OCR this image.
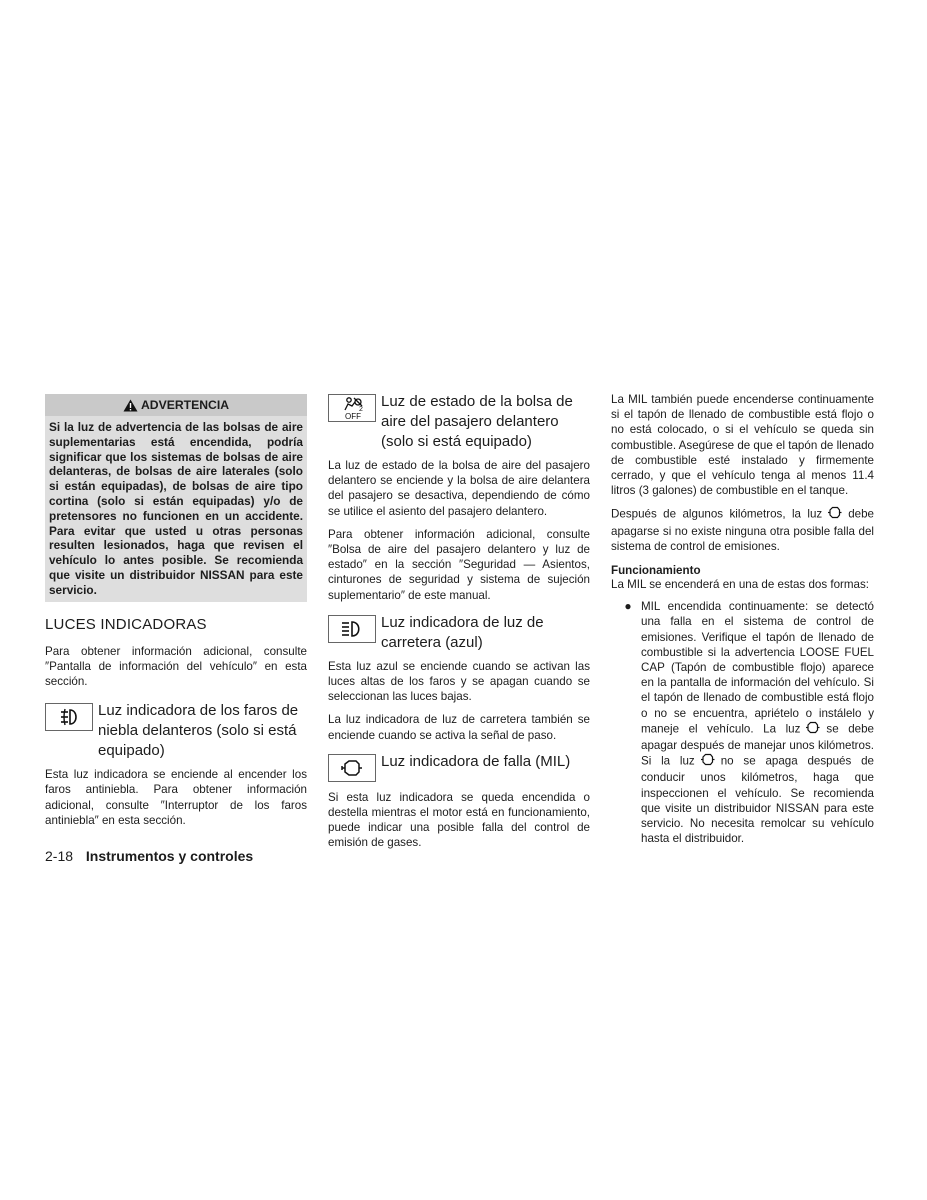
ADVERTENCIA
Si la luz de advertencia de las bolsas de aire suplementarias está encendida, podría significar que los sistemas de bolsas de aire delanteras, de bolsas de aire laterales (solo si están equipadas), de bolsas de aire tipo cortina (solo si están equipadas) y/o de pretensores no funcionen en un accidente. Para evitar que usted u otras personas resulten lesionados, haga que revisen el vehículo lo antes posible. Se recomienda que visite un distribuidor NISSAN para este servicio.
LUCES INDICADORAS

Para obtener información adicional, consulte ″Pantalla de información del vehículo″ en esta sección.

Luz indicadora de los faros de niebla delanteros (solo si está equipado)

Esta luz indicadora se enciende al encender los faros antiniebla. Para obtener información adicional, consulte ″Interruptor de los faros antiniebla″ en esta sección.

2
OFF
Luz de estado de la bolsa de aire del pasajero delantero (solo si está equipado)

La luz de estado de la bolsa de aire del pasajero delantero se enciende y la bolsa de aire delantera del pasajero se desactiva, dependiendo de cómo se utilice el asiento del pasajero delantero.

Para obtener información adicional, consulte ″Bolsa de aire del pasajero delantero y luz de estado″ en la sección ″Seguridad — Asientos, cinturones de seguridad y sistema de sujeción suplementario″ de este manual.

Luz indicadora de luz de carretera (azul)

Esta luz azul se enciende cuando se activan las luces altas de los faros y se apagan cuando se seleccionan las luces bajas.

La luz indicadora de luz de carretera también se enciende cuando se activa la señal de paso.

Luz indicadora de falla (MIL)

Si esta luz indicadora se queda encendida o destella mientras el motor está en funcionamiento, puede indicar una posible falla del control de emisión de gases.

La MIL también puede encenderse continuamente si el tapón de llenado de combustible está flojo o no está colocado, o si el vehículo se queda sin combustible. Asegúrese de que el tapón de llenado de combustible esté instalado y firmemente cerrado, y que el vehículo tenga al menos 11.4 litros (3 galones) de combustible en el tanque.

Después de algunos kilómetros, la luz debe apagarse si no existe ninguna otra posible falla del sistema de control de emisiones.

Funcionamiento

La MIL se encenderá en una de estas dos formas:

● MIL encendida continuamente: se detectó una falla en el sistema de control de emisiones. Verifique el tapón de llenado de combustible si la advertencia LOOSE FUEL CAP (Tapón de combustible flojo) aparece en la pantalla de información del vehículo. Si el tapón de llenado de combustible está flojo o no se encuentra, apriételo o instálelo y maneje el vehículo. La luz se debe apagar después de manejar unos kilómetros. Si la luz no se apaga después de conducir unos kilómetros, haga que inspeccionen el vehículo. Se recomienda que visite un distribuidor NISSAN para este servicio. No necesita remolcar su vehículo hasta el distribuidor.

2-18 Instrumentos y controles
